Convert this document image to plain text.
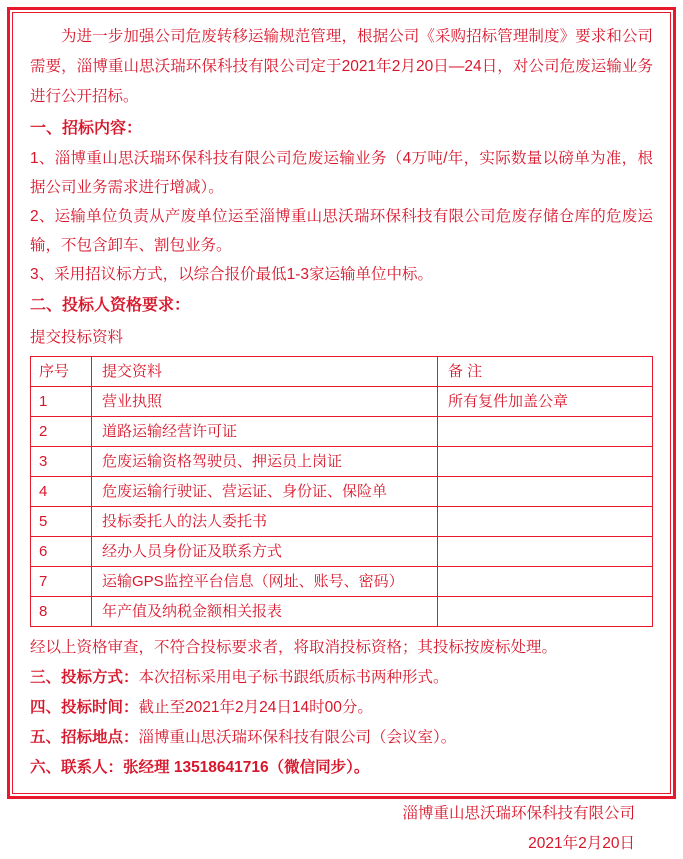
为进一步加强公司危废转移运输规范管理，根据公司《采购招标管理制度》要求和公司需要，淄博重山思沃瑞环保科技有限公司定于2021年2月20日—24日，对公司危废运输业务进行公开招标。

一、招标内容：

1、淄博重山思沃瑞环保科技有限公司危废运输业务（4万吨/年，实际数量以磅单为准，根据公司业务需求进行增减）。

2、运输单位负责从产废单位运至淄博重山思沃瑞环保科技有限公司危废存储仓库的危废运输，不包含卸车、割包业务。

3、采用招议标方式，以综合报价最低1-3家运输单位中标。

二、投标人资格要求：

提交投标资料

序号	提交资料	备 注
1	营业执照	所有复件加盖公章
2	道路运输经营许可证	
3	危废运输资格驾驶员、押运员上岗证	
4	危废运输行驶证、营运证、身份证、保险单	
5	投标委托人的法人委托书	
6	经办人员身份证及联系方式	
7	运输GPS监控平台信息（网址、账号、密码）	
8	年产值及纳税金额相关报表	

经以上资格审查，不符合投标要求者，将取消投标资格；其投标按废标处理。

三、投标方式：本次招标采用电子标书跟纸质标书两种形式。

四、投标时间：截止至2021年2月24日14时00分。

五、招标地点：淄博重山思沃瑞环保科技有限公司（会议室）。

六、联系人：张经理 13518641716（微信同步）。

淄博重山思沃瑞环保科技有限公司
2021年2月20日
